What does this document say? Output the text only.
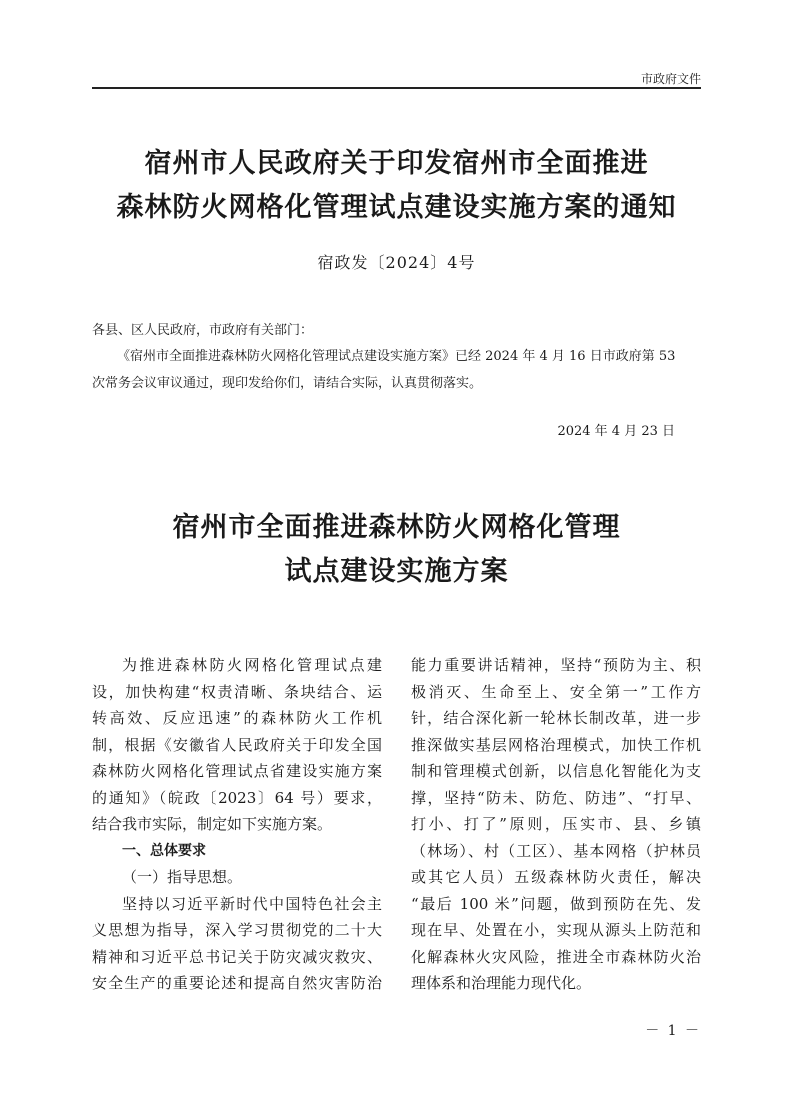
市政府文件
宿州市人民政府关于印发宿州市全面推进
森林防火网格化管理试点建设实施方案的通知
宿政发〔2024〕4号
各县、区人民政府，市政府有关部门：
《宿州市全面推进森林防火网格化管理试点建设实施方案》已经 2024 年 4 月 16 日市政府第 53
次常务会议审议通过，现印发给你们，请结合实际，认真贯彻落实。
2024 年 4 月 23 日
宿州市全面推进森林防火网格化管理
试点建设实施方案
为推进森林防火网格化管理试点建
设，加快构建“权责清晰、条块结合、运
转高效、反应迅速”的森林防火工作机
制，根据《安徽省人民政府关于印发全国
森林防火网格化管理试点省建设实施方案
的通知》（皖政〔2023〕64 号）要求，
结合我市实际，制定如下实施方案。
一、总体要求
（一）指导思想。
坚持以习近平新时代中国特色社会主
义思想为指导，深入学习贯彻党的二十大
精神和习近平总书记关于防灾减灾救灾、
安全生产的重要论述和提高自然灾害防治
能力重要讲话精神，坚持“预防为主、积
极消灭、生命至上、安全第一”工作方
针，结合深化新一轮林长制改革，进一步
推深做实基层网格治理模式，加快工作机
制和管理模式创新，以信息化智能化为支
撑，坚持“防未、防危、防违”、“打早、
打小、打了”原则，压实市、县、乡镇
（林场）、村（工区）、基本网格（护林员
或其它人员）五级森林防火责任，解决
“最后 100 米”问题，做到预防在先、发
现在早、处置在小，实现从源头上防范和
化解森林火灾风险，推进全市森林防火治
理体系和治理能力现代化。
－ 1 －
